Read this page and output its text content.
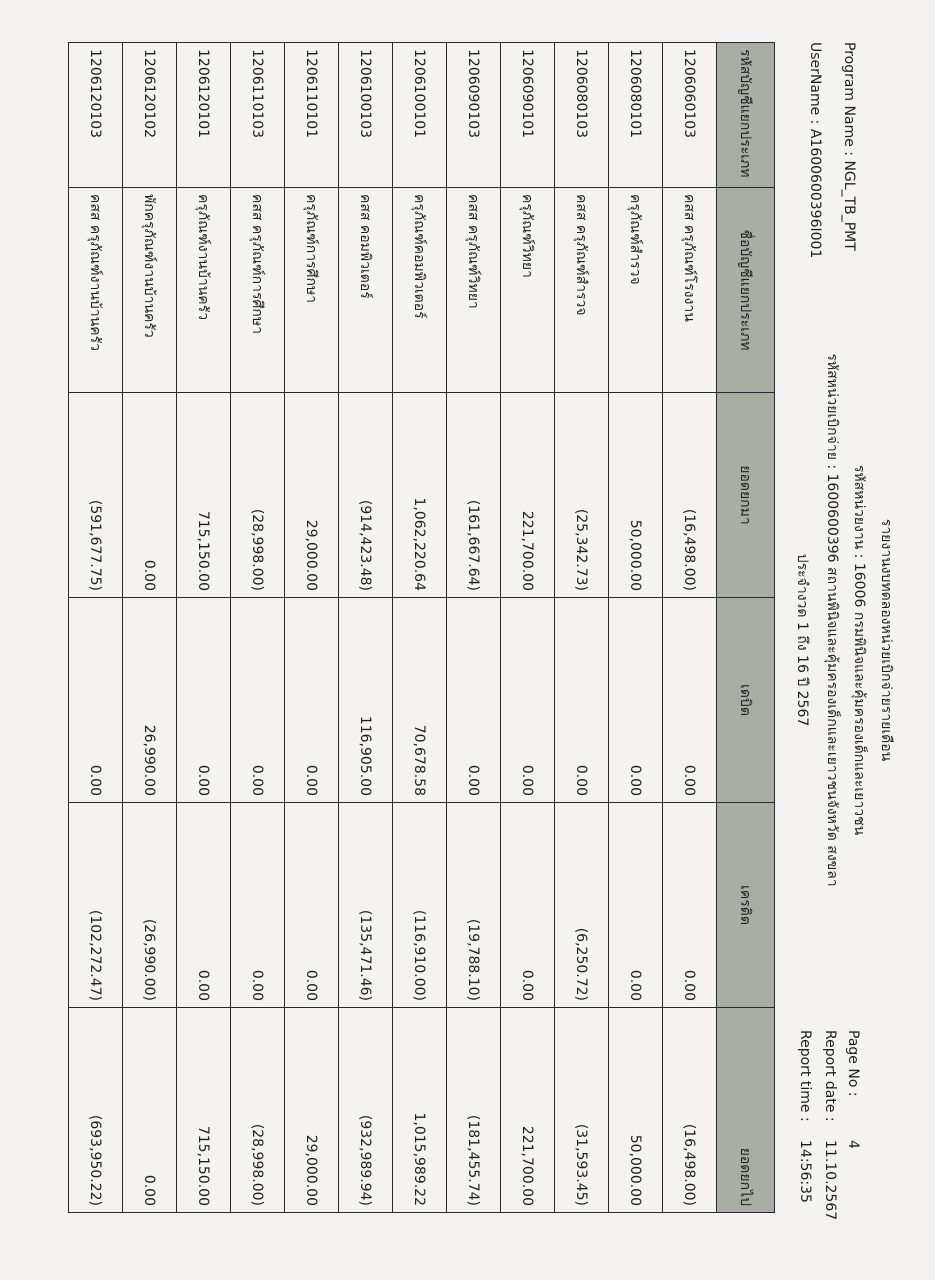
รายงานงบทดลองหน่วยเบิกจ่ายรายเดือน
รหัสหน่วยงาน : 16006 กรมพินิจและคุ้มครองเด็กและเยาวชน
รหัสหน่วยเบิกจ่าย : 1600600396 สถานพินิจและคุ้มครองเด็กและเยาวชนจังหวัด สงขลา
ประจำงวด 1 ถึง 16 ปี 2567
Program Name : NGL_TB_PMT
UserName : A1600600396I001
Page No :
4
Report date :
11.10.2567
Report time :
14:56:35
รหัสบัญชีแยกประเภท	ชื่อบัญชีแยกประเภท	ยอดยกมา	เดบิต	เครดิต	ยอดยกไป
1206060103	คสส ครุภัณฑ์โรงงาน	(16,498.00)	0.00	0.00	(16,498.00)
1206080101	ครุภัณฑ์สำรวจ	50,000.00	0.00	0.00	50,000.00
1206080103	คสส ครุภัณฑ์สำรวจ	(25,342.73)	0.00	(6,250.72)	(31,593.45)
1206090101	ครุภัณฑ์วิทยา	221,700.00	0.00	0.00	221,700.00
1206090103	คสส ครุภัณฑ์วิทยา	(161,667.64)	0.00	(19,788.10)	(181,455.74)
1206100101	ครุภัณฑ์คอมพิวเตอร์	1,062,220.64	70,678.58	(116,910.00)	1,015,989.22
1206100103	คสส คอมพิวเตอร์	(914,423.48)	116,905.00	(135,471.46)	(932,989.94)
1206110101	ครุภัณฑ์การศึกษา	29,000.00	0.00	0.00	29,000.00
1206110103	คสส ครุภัณฑ์การศึกษา	(28,998.00)	0.00	0.00	(28,998.00)
1206120101	ครุภัณฑ์งานบ้านครัว	715,150.00	0.00	0.00	715,150.00
1206120102	พักครุภัณฑ์งานบ้านครัว	0.00	26,990.00	(26,990.00)	0.00
1206120103	คสส ครุภัณฑ์งานบ้านครัว	(591,677.75)	0.00	(102,272.47)	(693,950.22)
